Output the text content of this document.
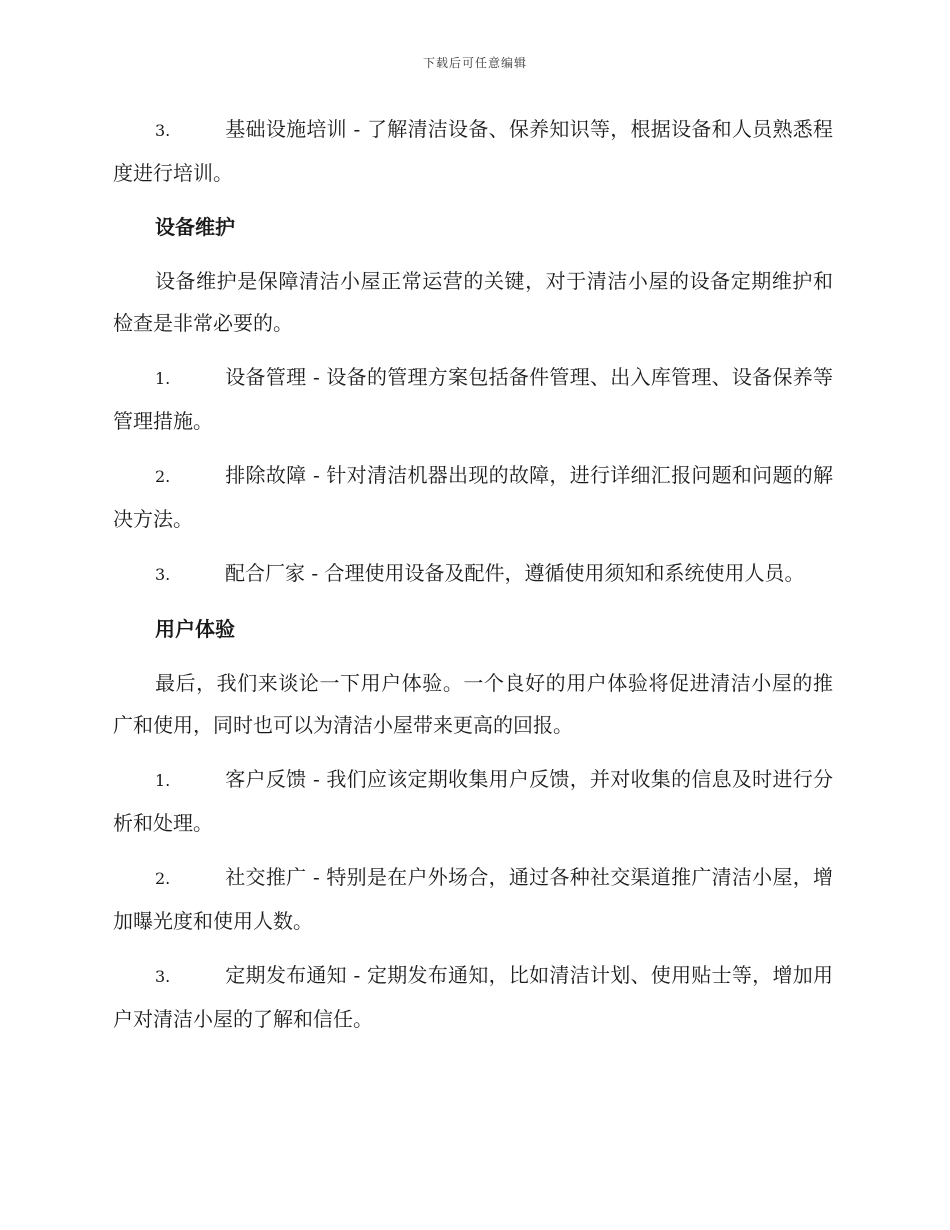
下载后可任意编辑

3.	基础设施培训 - 了解清洁设备、保养知识等，根据设备和人员熟悉程度进行培训。

设备维护

设备维护是保障清洁小屋正常运营的关键，对于清洁小屋的设备定期维护和检查是非常必要的。

1.	设备管理 - 设备的管理方案包括备件管理、出入库管理、设备保养等管理措施。

2.	排除故障 - 针对清洁机器出现的故障，进行详细汇报问题和问题的解决方法。

3.	配合厂家 - 合理使用设备及配件，遵循使用须知和系统使用人员。

用户体验

最后，我们来谈论一下用户体验。一个良好的用户体验将促进清洁小屋的推广和使用，同时也可以为清洁小屋带来更高的回报。

1.	客户反馈 - 我们应该定期收集用户反馈，并对收集的信息及时进行分析和处理。

2.	社交推广 - 特别是在户外场合，通过各种社交渠道推广清洁小屋，增加曝光度和使用人数。

3.	定期发布通知 - 定期发布通知，比如清洁计划、使用贴士等，增加用户对清洁小屋的了解和信任。
